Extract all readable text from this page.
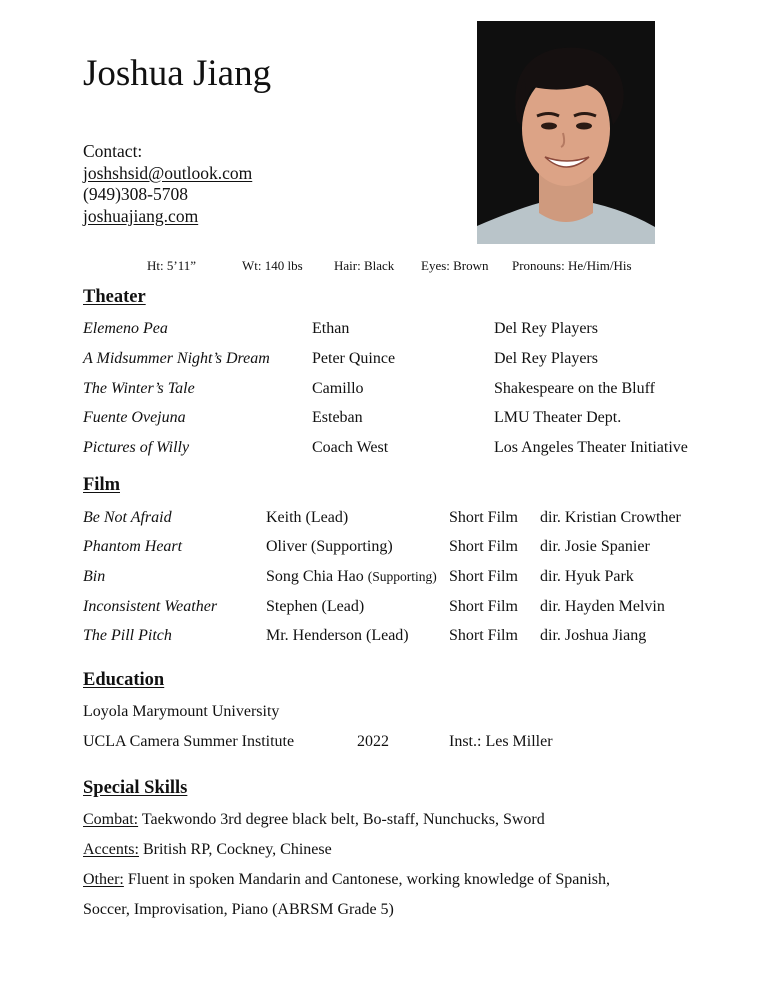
Joshua Jiang
Contact:
joshshsid@outlook.com
(949)308-5708
joshuajiang.com
Ht: 5’11”	Wt: 140 lbs Hair: Black Eyes: Brown Pronouns: He/Him/His
Theater
Elemeno Pea	Ethan	Del Rey Players
A Midsummer Night’s Dream	Peter Quince	Del Rey Players
The Winter’s Tale	Camillo	Shakespeare on the Bluff
Fuente Ovejuna	Esteban	LMU Theater Dept.
Pictures of Willy	Coach West	Los Angeles Theater Initiative
Film
Be Not Afraid	Keith (Lead)	Short Film dir. Kristian Crowther
Phantom Heart	Oliver (Supporting)	Short Film dir. Josie Spanier
Bin	Song Chia Hao (Supporting) Short Film dir. Hyuk Park
Inconsistent Weather	Stephen (Lead)	Short Film dir. Hayden Melvin
The Pill Pitch	Mr. Henderson (Lead)	Short Film dir. Joshua Jiang
Education
Loyola Marymount University
UCLA Camera Summer Institute	2022	Inst.: Les Miller
Special Skills
Combat: Taekwondo 3rd degree black belt, Bo-staff, Nunchucks, Sword
Accents: British RP, Cockney, Chinese
Other: Fluent in spoken Mandarin and Cantonese, working knowledge of Spanish,
Soccer, Improvisation, Piano (ABRSM Grade 5)
